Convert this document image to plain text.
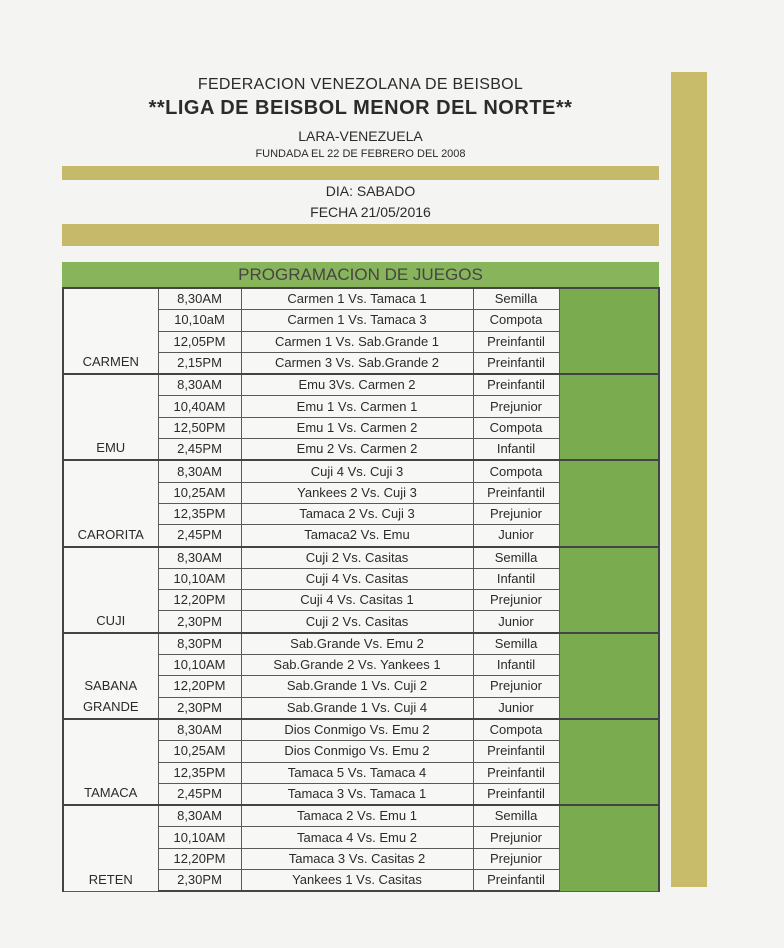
FEDERACION VENEZOLANA DE BEISBOL
**LIGA DE BEISBOL MENOR DEL NORTE**
LARA-VENEZUELA
FUNDADA EL 22 DE FEBRERO DEL 2008
DIA: SABADO
FECHA 21/05/2016
PROGRAMACION DE JUEGOS
CARMEN	8,30AM	Carmen 1 Vs. Tamaca 1	Semilla	
	10,10aM	Carmen 1 Vs. Tamaca 3	Compota	
	12,05PM	Carmen 1 Vs. Sab.Grande 1	Preinfantil	
	2,15PM	Carmen 3 Vs. Sab.Grande 2	Preinfantil	

EMU	8,30AM	Emu 3Vs. Carmen 2	Preinfantil	
	10,40AM	Emu 1 Vs. Carmen 1	Prejunior	
	12,50PM	Emu 1 Vs. Carmen 2	Compota	
	2,45PM	Emu 2 Vs. Carmen 2	Infantil	

CARORITA	8,30AM	Cuji 4 Vs. Cuji 3	Compota	
	10,25AM	Yankees 2 Vs. Cuji 3	Preinfantil	
	12,35PM	Tamaca 2 Vs. Cuji 3	Prejunior	
	2,45PM	Tamaca2 Vs. Emu	Junior	

CUJI	8,30AM	Cuji 2 Vs. Casitas	Semilla	
	10,10AM	Cuji 4 Vs. Casitas	Infantil	
	12,20PM	Cuji 4 Vs. Casitas 1	Prejunior	
	2,30PM	Cuji 2 Vs. Casitas	Junior	

SABANA
GRANDE	8,30PM	Sab.Grande Vs. Emu 2	Semilla	
	10,10AM	Sab.Grande 2 Vs. Yankees 1	Infantil	
	12,20PM	Sab.Grande 1 Vs. Cuji 2	Prejunior	
	2,30PM	Sab.Grande 1 Vs. Cuji 4	Junior	

TAMACA	8,30AM	Dios Conmigo Vs. Emu 2	Compota	
	10,25AM	Dios Conmigo Vs. Emu 2	Preinfantil	
	12,35PM	Tamaca 5 Vs. Tamaca 4	Preinfantil	
	2,45PM	Tamaca 3 Vs. Tamaca 1	Preinfantil	

RETEN	8,30AM	Tamaca 2 Vs. Emu 1	Semilla	
	10,10AM	Tamaca 4 Vs. Emu 2	Prejunior	
	12,20PM	Tamaca 3 Vs. Casitas 2	Prejunior	
	2,30PM	Yankees 1 Vs. Casitas	Preinfantil	
